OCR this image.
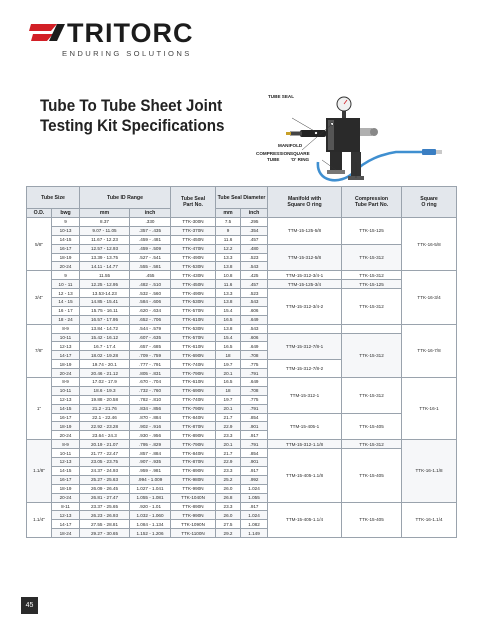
TRITORC
ENDURING SOLUTIONS
Tube To Tube Sheet Joint
Testing Kit Specifications
TUBE SEAL
MANIFOLD
COMPRESSION
TUBE
SQUARE
'O' RING
Tube Size		Tube ID Range		Tube Seal
Part No.	Tube Seal Diameter		Manifold with
Square O ring	Compression
Tube Part No.	Square
O ring
O.D.	bwg	mm	inch		mm	inch			
5/8"	9	8.37	.330	TTK-300N	7.5	.295	TTM-15-125-5/8	TTK-15-125	TTK-16-5/8
	10-13	9.07 - 11.05	.357 - .435	TTK-370N	9	.354			
	14-15	11.67 - 12.23	.459 - .481	TTK-450N	11.6	.457			
	16-17	12.57 - 12.93	.459 - .509	TTK-470N	12.2	.480	TTM-15-312-5/8	TTK-15-312	
	18-19	13.39 - 13.75	.527 - .541	TTK-490N	13.3	.523			
	20-24	14.11 - 14.77	.555 - .581	TTK-530N	13.8	.543			
3/4"	9	11.55	.455	TTK-430N	10.8	.425	TTM-15-312-3/4-1	TTK-15-312	TTK-16-3/4
	10 - 11	12.25 - 12.95	.482 - .510	TTK-450N	11.6	.457	TTM-15-125-3/4	TTK-15-125	
	12 - 13	13.53-14.23	.532 - .560	TTK-490N	13.3	.523	TTM-15-312-3/4-2	TTK-15-312	
	14 - 15	14.85 - 15.41	.584 - .606	TTK-530N	13.8	.543			
	16 - 17	15.75 - 16.11	.620 - .634	TTK-570N	15.4	.606			
	18 - 24	16.57 - 17.95	.652 - .706	TTK-610N	16.5	.649			
7/8"	8-9	13.84 - 14.72	.544 - .579	TTK-530N	13.8	.543			TTK-16-7/8
	10-11	15.42 - 16.12	.607 - .635	TTK-570N	15.4	.606	TTM-15-312-7/8-1	TTK-15-312	
	12-13	16.7 - 17.4	.657 - .685	TTK-610N	16.5	.649			
	14-17	18.02 - 19.28	.709 - .759	TTK-690N	18	.708			
	18-19	19.74 - 20.1	.777 - .791	TTK-740N	19.7	.775	TTM-15-312-7/8-2		
	20-24	20.46 - 21.12	.805 - .831	TTK-790N	20.1	.791			
1"	8-9	17.02 - 17.9	.670 - .704	TTK-610N	16.5	.649	TTM-15-312-1	TTK-15-312	TTK-16-1
	10-11	18.6 - 19.3	.732 - .760	TTK-690N	18	.708			
	12-13	19.88 - 20.58	.782 - .810	TTK-740N	19.7	.775			
	14-15	21.2 - 21.76	.834 - .856	TTK-790N	20.1	.791			
	16-17	22.1 - 22.46	.870 - .884	TTK-840N	21.7	.854	TTM-15-405-1	TTK-15-405	
	18-19	22.92 - 23.28	.902 - .916	TTK-870N	22.9	.901			
	20-24	23.64 - 24.3	.930 - .956	TTK-890N	23.3	.917			
1.1/8"	8-9	20.19 - 21.07	.795 - .829	TTK-790N	20.1	.791	TTM-15-312-1.1/8	TTK-15-312	TTK-16-1.1/8
	10-11	21.77 - 22.47	.857 - .884	TTK-840N	21.7	.854	TTM-15-405-1.1/8	TTK-15-405	
	12-13	23.05 - 23.75	.907 - .935	TTK-870N	22.9	.901			
	14-15	24.37 - 24.93	.959 - .981	TTK-890N	23.3	.917			
	16-17	25.27 - 25.63	.994 - 1.009	TTK-980N	25.2	.992			
	18-19	26.09 - 26.45	1.027 - 1.041	TTK-990N	26.0	1.024			
	20-24	26.81 - 27.47	1.055 - 1.081	TTK-1040N	26.8	1.055			
1.1/4"	8-11	23.37 - 25.65	.920 - 1.01	TTK-890N	23.3	.917	TTM-15-405-1.1/4	TTK-15-405	TTK-16-1.1/4
	12-13	26.23 - 26.93	1.032 - 1.060	TTK-990N	26.0	1.024			
	14-17	27.55 - 28.81	1.084 - 1.134	TTK-1090N	27.5	1.082			
	18-24	29.27 - 30.65	1.152 - 1.206	TTK-1100N	29.2	1.149			
45
